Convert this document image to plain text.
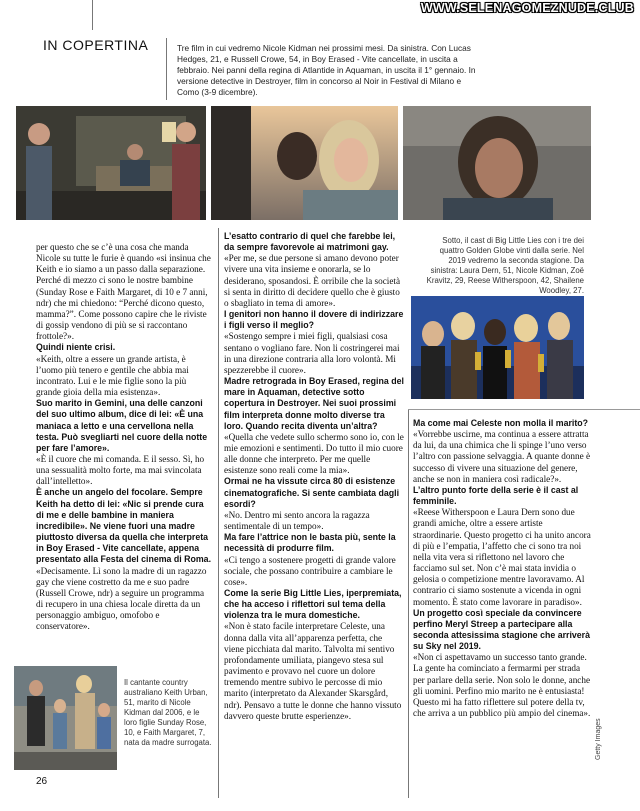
WWW.SELENAGOMEZNUDE.CLUB
IN COPERTINA	Tre film in cui vedremo Nicole Kidman nei prossimi mesi. Da sinistra. Con Lucas Hedges, 21, e Russell Crowe, 54, in Boy Erased - Vite cancellate, in uscita a febbraio. Nei panni della regina di Atlantide in Aquaman, in uscita il 1° gennaio. In versione detective in Destroyer, film in concorso al Noir in Festival di Milano e Como (3-9 dicembre).

per questo che se c’è una cosa che manda Nicole su tutte le furie è quando «si insinua che Keith e io siamo a un passo dalla separazione. Perché di mezzo ci sono le nostre bambine (Sunday Rose e Faith Margaret, di 10 e 7 anni, ndr) che mi chiedono: “Perché dicono questo, mamma?”. Come possono capire che le riviste di gossip vendono di più se si raccontano frottole?».

Quindi niente crisi.

«Keith, oltre a essere un grande artista, è l’uomo più tenero e gentile che abbia mai incontrato. Lui e le mie figlie sono la più grande gioia della mia esistenza».

Suo marito in Gemini, una delle canzoni del suo ultimo album, dice di lei: «È una maniaca a letto e una cervellona nella testa. Può svegliarti nel cuore della notte per fare l’amore».

«È il cuore che mi comanda. E il sesso. Sì, ho una sessualità molto forte, ma mai svincolata dall’intelletto».

È anche un angelo del focolare. Sempre Keith ha detto di lei: «Nic si prende cura di me e delle bambine in maniera incredibile». Ne viene fuori una madre piuttosto diversa da quella che interpreta in Boy Erased - Vite cancellate, appena presentato alla Festa del cinema di Roma.

«Decisamente. Lì sono la madre di un ragazzo gay che viene costretto da me e suo padre (Russell Crowe, ndr) a seguire un programma di recupero in una chiesa locale diretta da un personaggio ambiguo, omofobo e conservatore».

L’esatto contrario di quel che farebbe lei, da sempre favorevole ai matrimoni gay.

«Per me, se due persone si amano devono poter vivere una vita insieme e onorarla, se lo desiderano, sposandosi. È orribile che la società si senta in diritto di decidere quello che è giusto o sbagliato in tema di amore».

I genitori non hanno il dovere di indirizzare i figli verso il meglio?

«Sostengo sempre i miei figli, qualsiasi cosa sentano o vogliano fare. Non li costringerei mai in una direzione contraria alla loro volontà. Mi spezzerebbe il cuore».

Madre retrograda in Boy Erased, regina del mare in Aquaman, detective sotto copertura in Destroyer. Nei suoi prossimi film interpreta donne molto diverse tra loro. Quando recita diventa un’altra?

«Quella che vedete sullo schermo sono io, con le mie emozioni e sentimenti. Do tutto il mio cuore alle donne che interpreto. Per me quelle esistenze sono reali come la mia».

Ormai ne ha vissute circa 80 di esistenze cinematografiche. Si sente cambiata dagli esordi?

«No. Dentro mi sento ancora la ragazza sentimentale di un tempo».

Ma fare l’attrice non le basta più, sente la necessità di produrre film.

«Ci tengo a sostenere progetti di grande valore sociale, che possano contribuire a cambiare le cose».

Come la serie Big Little Lies, iperpremiata, che ha acceso i riflettori sul tema della violenza tra le mura domestiche.

«Non è stato facile interpretare Celeste, una donna dalla vita all’apparenza perfetta, che viene picchiata dal marito. Talvolta mi sentivo profondamente umiliata, piangevo stesa sul pavimento e provavo nel cuore un dolore tremendo mentre subivo le percosse di mio marito (interpretato da Alexander Skarsgård, ndr). Pensavo a tutte le donne che hanno vissuto davvero queste brutte esperienze».

Sotto, il cast di Big Little Lies con i tre dei quattro Golden Globe vinti dalla serie. Nel 2019 vedremo la seconda stagione. Da sinistra: Laura Dern, 51, Nicole Kidman, Zoë Kravitz, 29, Reese Witherspoon, 42, Shailene Woodley, 27.

Ma come mai Celeste non molla il marito?

«Vorrebbe uscirne, ma continua a essere attratta da lui, da una chimica che li spinge l’uno verso l’altro con passione selvaggia. A quante donne è successo di vivere una situazione del genere, anche se non in maniera così radicale?».

L’altro punto forte della serie è il cast al femminile.

«Reese Witherspoon e Laura Dern sono due grandi amiche, oltre a essere artiste straordinarie. Questo progetto ci ha unito ancora di più e l’empatia, l’affetto che ci sono tra noi nella vita vera si riflettono nel lavoro che facciamo sul set. Non c’è mai stata invidia o gelosia o competizione mentre lavoravamo. Al contrario ci siamo sostenute a vicenda in ogni momento. È stato come lavorare in paradiso».

Un progetto così speciale da convincere perfino Meryl Streep a partecipare alla seconda attesissima stagione che arriverà su Sky nel 2019.

«Non ci aspettavamo un successo tanto grande. La gente ha cominciato a fermarmi per strada per parlare della serie. Non solo le donne, anche gli uomini. Perfino mio marito ne è entusiasta! Questo mi ha fatto riflettere sul potere della tv, che arriva a un pubblico più ampio del cinema».

Il cantante country australiano Keith Urban, 51, marito di Nicole Kidman dal 2006, e le loro figlie Sunday Rose, 10, e Faith Margaret, 7, nata da madre surrogata.
26
Getty Images
